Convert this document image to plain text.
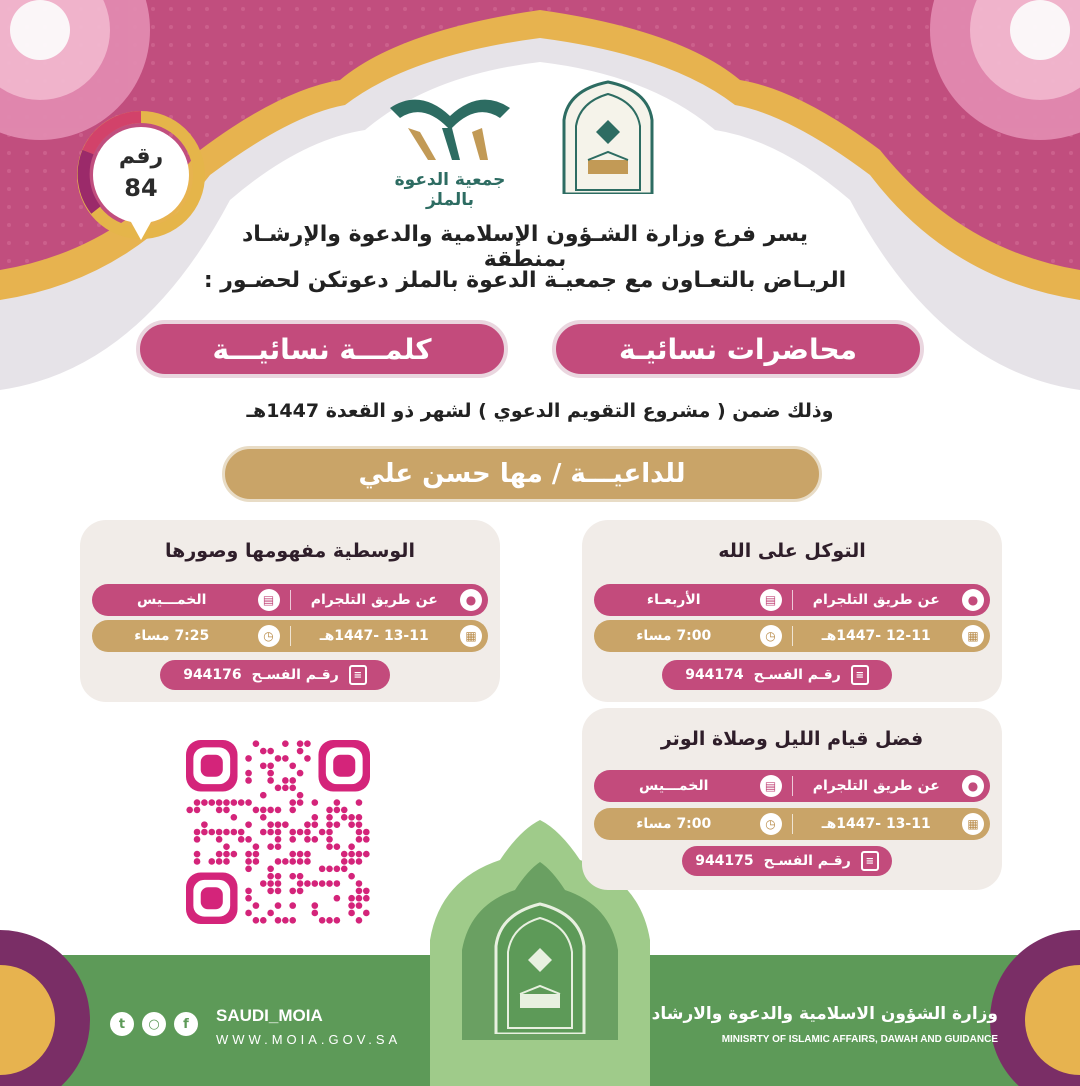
رقم
84	جمعية الدعوة بالملز
يسر فرع وزارة الشـؤون الإسلامية والدعوة والإرشـاد بمنطقة
الريـاض بالتعـاون مع جمعيـة الدعوة بالملز دعوتكن لحضـور :
محاضرات نسائيـة
كلمـــة نسائيـــة
وذلك ضمن ( مشروع التقويم الدعوي ) لشهر ذو القعدة 1447هـ
للداعيـــة / مها حسن علي
التوكل على الله
●
عن طريق التلجرام
▤
الأربعـاء
▦
12-11 -1447هـ
◷
7:00 مساء
≡
رقـم الفسـح
944174
الوسطية مفهومها وصورها
●
عن طريق التلجرام
▤
الخمـــيس
▦
13-11 -1447هـ
◷
7:25 مساء
≡
رقـم الفسـح
944176
فضل قيام الليل وصلاة الوتر
●
عن طريق التلجرام
▤
الخمـــيس
▦
13-11 -1447هـ
◷
7:00 مساء
≡
رقـم الفسـح
944175
t	○	f	SAUDI_MOIA
WWW.MOIA.GOV.SA
وزارة الشؤون الاسلامية والدعوة والارشاد
MINISRTY OF ISLAMIC AFFAIRS, DAWAH AND GUIDANCE
